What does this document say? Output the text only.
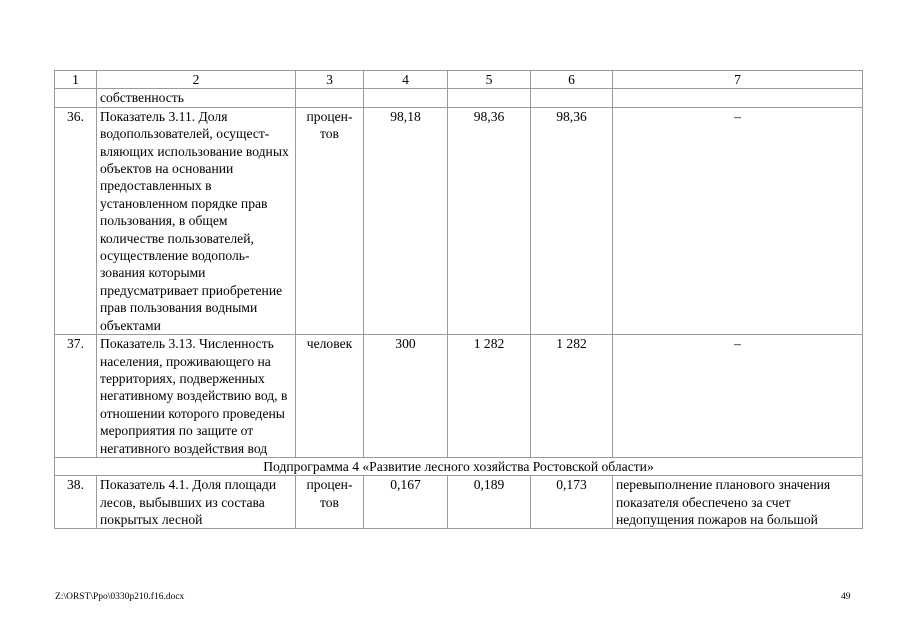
1	2	3	4	5	6	7
	собственность					
36.	Показатель 3.11. Доля водопользователей, осущест-вляющих использование водных объектов на основании предоставленных в установленном порядке прав пользования, в общем количестве пользователей, осуществление водополь-зования которыми предусматривает приобретение прав пользования водными объектами	процен-тов	98,18	98,36	98,36	–
37.	Показатель 3.13. Численность населения, проживающего на территориях, подверженных негативному воздействию вод, в отношении которого проведены мероприятия по защите от негативного воздействия вод	человек	300	1 282	1 282	–
Подпрограмма 4 «Развитие лесного хозяйства Ростовской области»						
38.	Показатель 4.1. Доля площади лесов, выбывших из состава покрытых лесной	процен-тов	0,167	0,189	0,173	перевыполнение планового значения показателя обеспечено за счет недопущения пожаров на большой
Z:\ORST\Ppo\0330p210.f16.docx	49
